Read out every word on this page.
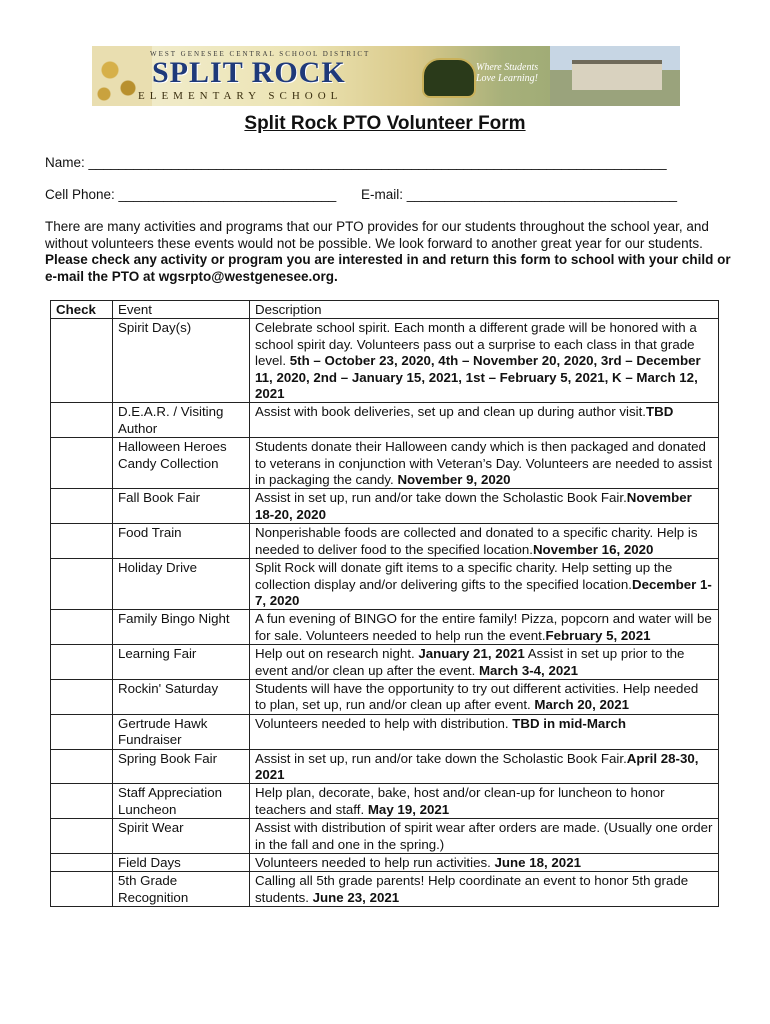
WEST GENESEE CENTRAL SCHOOL DISTRICT
SPLIT ROCK
ELEMENTARY SCHOOL
Where Students Love Learning!
Split Rock PTO Volunteer Form
Name: _____________________________________________________________________________
Cell Phone: _____________________________ E-mail: ____________________________________
There are many activities and programs that our PTO provides for our students throughout the school year, and without volunteers these events would not be possible. We look forward to another great year for our students. Please check any activity or program you are interested in and return this form to school with your child or e-mail the PTO at wgsrpto@westgenesee.org.
Check	Event	Description
	Spirit Day(s)	Celebrate school spirit. Each month a different grade will be honored with a school spirit day. Volunteers pass out a surprise to each class in that grade level. 5th – October 23, 2020, 4th – November 20, 2020, 3rd – December 11, 2020, 2nd – January 15, 2021, 1st – February 5, 2021, K – March 12, 2021
	D.E.A.R. / Visiting Author	Assist with book deliveries, set up and clean up during author visit.TBD
	Halloween Heroes Candy Collection	Students donate their Halloween candy which is then packaged and donated to veterans in conjunction with Veteran’s Day. Volunteers are needed to assist in packaging the candy. November 9, 2020
	Fall Book Fair	Assist in set up, run and/or take down the Scholastic Book Fair.November 18-20, 2020
	Food Train	Nonperishable foods are collected and donated to a specific charity. Help is needed to deliver food to the specified location.November 16, 2020
	Holiday Drive	Split Rock will donate gift items to a specific charity. Help setting up the collection display and/or delivering gifts to the specified location.December 1-7, 2020
	Family Bingo Night	A fun evening of BINGO for the entire family! Pizza, popcorn and water will be for sale. Volunteers needed to help run the event.February 5, 2021
	Learning Fair	Help out on research night. January 21, 2021 Assist in set up prior to the event and/or clean up after the event. March 3-4, 2021
	Rockin' Saturday	Students will have the opportunity to try out different activities. Help needed to plan, set up, run and/or clean up after event. March 20, 2021
	Gertrude Hawk Fundraiser	Volunteers needed to help with distribution. TBD in mid-March
	Spring Book Fair	Assist in set up, run and/or take down the Scholastic Book Fair.April 28-30, 2021
	Staff Appreciation Luncheon	Help plan, decorate, bake, host and/or clean-up for luncheon to honor teachers and staff. May 19, 2021
	Spirit Wear	Assist with distribution of spirit wear after orders are made. (Usually one order in the fall and one in the spring.)
	Field Days	Volunteers needed to help run activities. June 18, 2021
	5th Grade Recognition	Calling all 5th grade parents! Help coordinate an event to honor 5th grade students. June 23, 2021
